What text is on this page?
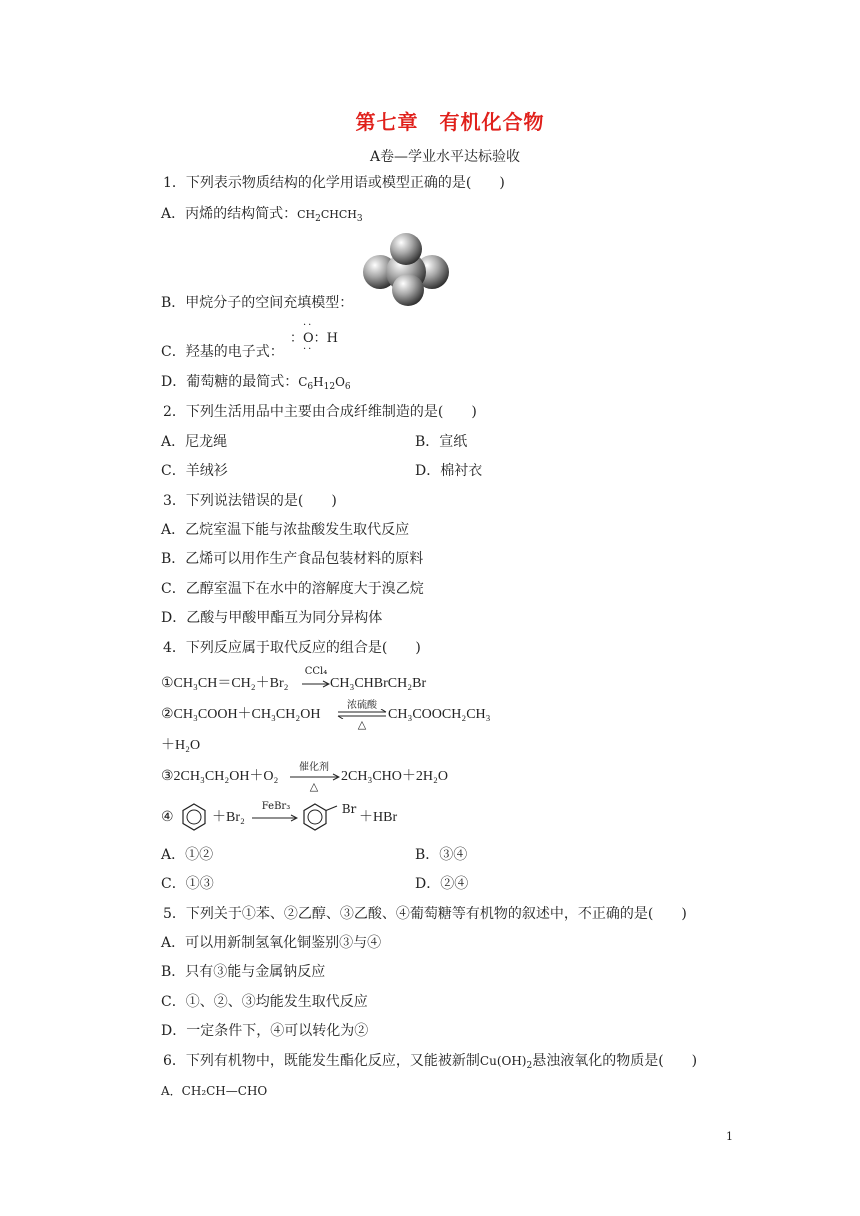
第七章　有机化合物
A卷—学业水平达标验收
1．下列表示物质结构的化学用语或模型正确的是(　　)
A．丙烯的结构简式：$CH_2CHCH_3$
B．甲烷分子的空间充填模型：
··
C．羟基的电子式：
：O：H
··
D．葡萄糖的最简式：$C_6H_{12}O_6$
2．下列生活用品中主要由合成纤维制造的是(　　)
A．尼龙绳	B．宣纸
C．羊绒衫	D．棉衬衣
3．下列说法错误的是(　　)
A．乙烷室温下能与浓盐酸发生取代反应
B．乙烯可以用作生产食品包装材料的原料
C．乙醇室温下在水中的溶解度大于溴乙烷
D．乙酸与甲酸甲酯互为同分异构体
4．下列反应属于取代反应的组合是(　　)
①CH₃CH＝CH₂＋Br₂
CCl₄
→ CH₃CHBrCH₂Br
②CH₃COOH＋CH₃CH₂OH
浓硫酸
△
CH₃COOCH₂CH₃
＋H₂O
③2CH₃CH₂OH＋O₂
催化剂
△
2CH₃CHO＋2H₂O
④	＋Br₂
FeBr₃	Br
＋HBr
A．①②	B．③④
C．①③	D．②④
5．下列关于①苯、②乙醇、③乙酸、④葡萄糖等有机物的叙述中，不正确的是(　　)
A．可以用新制氢氧化铜鉴别③与④
B．只有③能与金属钠反应
C．①、②、③均能发生取代反应
D．一定条件下，④可以转化为②
6．下列有机物中，既能发生酯化反应，又能被新制$Cu(OH)_2$悬浊液氧化的物质是(　　)
A．CH₂CH—CHO
1
